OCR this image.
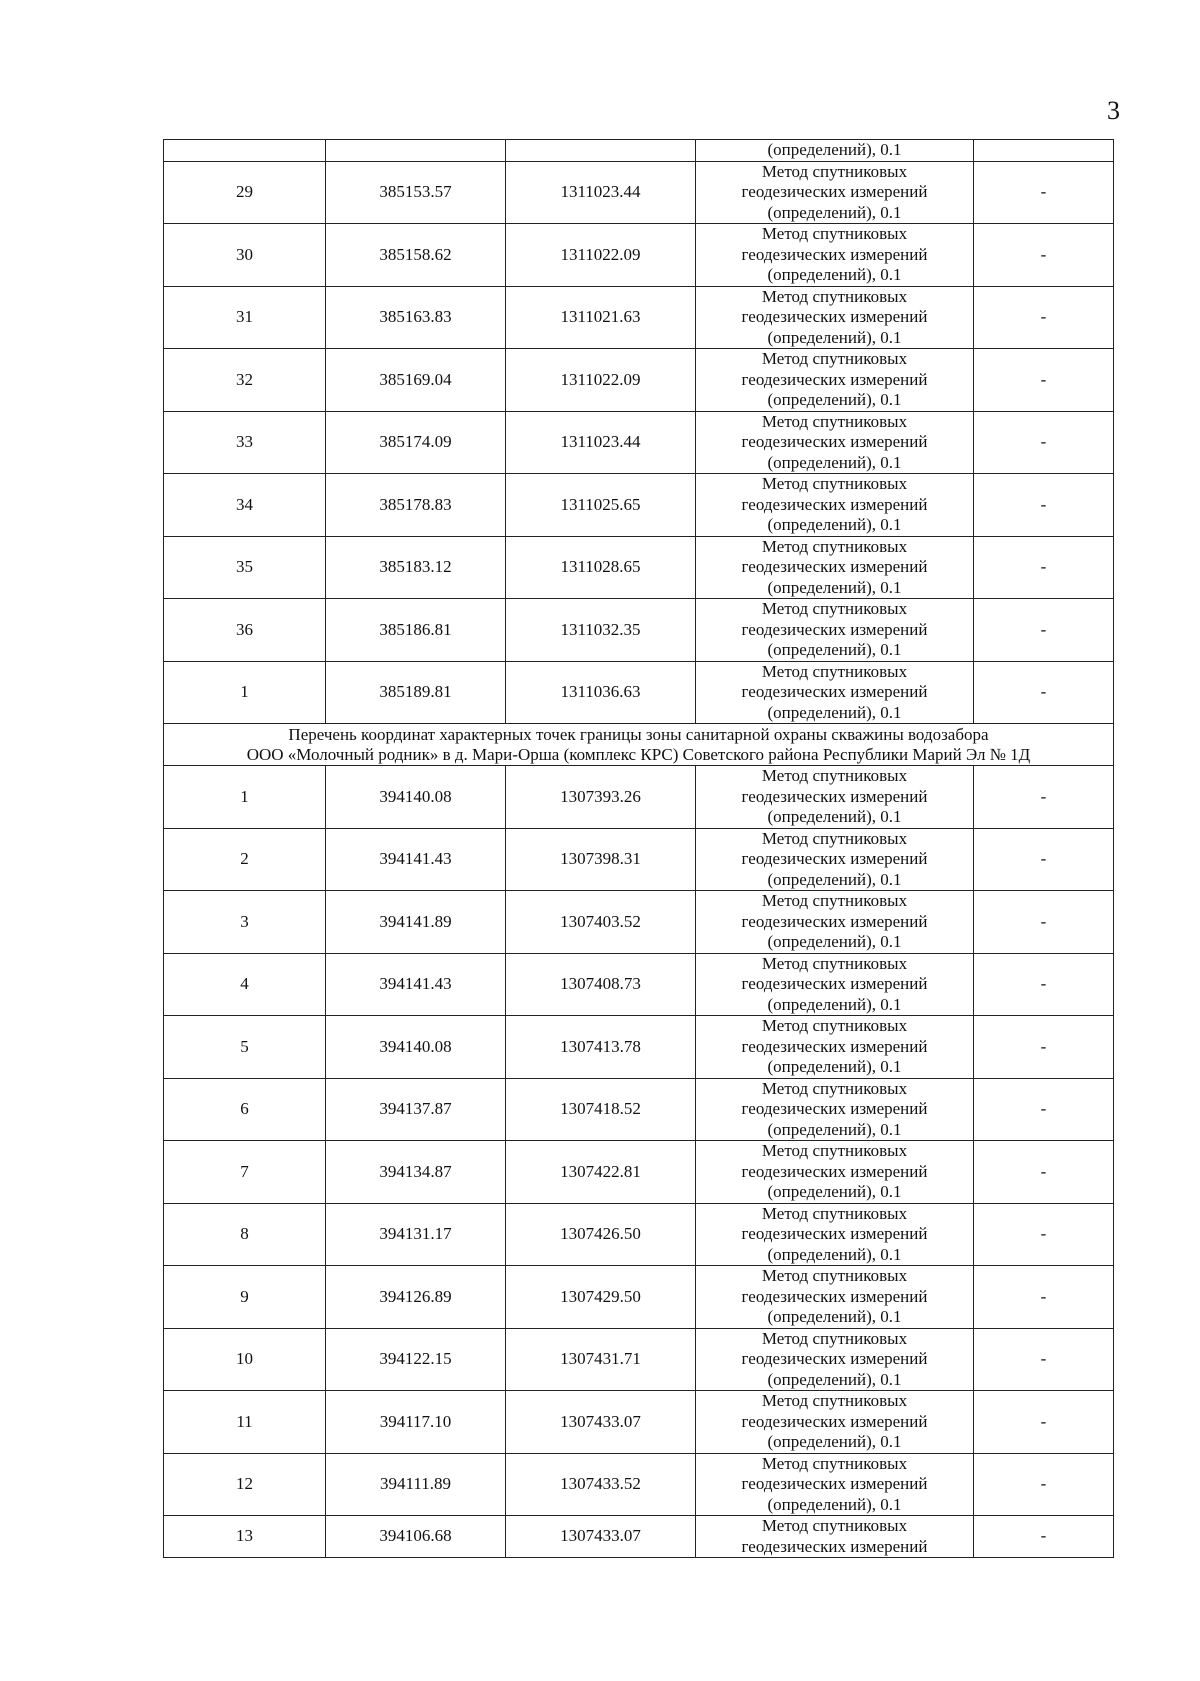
3
			(определений), 0.1	
29	385153.57	1311023.44	Метод спутниковых
геодезических измерений
(определений), 0.1	-
30	385158.62	1311022.09	Метод спутниковых
геодезических измерений
(определений), 0.1	-
31	385163.83	1311021.63	Метод спутниковых
геодезических измерений
(определений), 0.1	-
32	385169.04	1311022.09	Метод спутниковых
геодезических измерений
(определений), 0.1	-
33	385174.09	1311023.44	Метод спутниковых
геодезических измерений
(определений), 0.1	-
34	385178.83	1311025.65	Метод спутниковых
геодезических измерений
(определений), 0.1	-
35	385183.12	1311028.65	Метод спутниковых
геодезических измерений
(определений), 0.1	-
36	385186.81	1311032.35	Метод спутниковых
геодезических измерений
(определений), 0.1	-
1	385189.81	1311036.63	Метод спутниковых
геодезических измерений
(определений), 0.1	-

Перечень координат характерных точек границы зоны санитарной охраны скважины водозабора
ООО «Молочный родник» в д. Мари-Орша (комплекс КРС) Советского района Республики Марий Эл № 1Д				

1	394140.08	1307393.26	Метод спутниковых
геодезических измерений
(определений), 0.1	-
2	394141.43	1307398.31	Метод спутниковых
геодезических измерений
(определений), 0.1	-
3	394141.89	1307403.52	Метод спутниковых
геодезических измерений
(определений), 0.1	-
4	394141.43	1307408.73	Метод спутниковых
геодезических измерений
(определений), 0.1	-
5	394140.08	1307413.78	Метод спутниковых
геодезических измерений
(определений), 0.1	-
6	394137.87	1307418.52	Метод спутниковых
геодезических измерений
(определений), 0.1	-
7	394134.87	1307422.81	Метод спутниковых
геодезических измерений
(определений), 0.1	-
8	394131.17	1307426.50	Метод спутниковых
геодезических измерений
(определений), 0.1	-
9	394126.89	1307429.50	Метод спутниковых
геодезических измерений
(определений), 0.1	-
10	394122.15	1307431.71	Метод спутниковых
геодезических измерений
(определений), 0.1	-
11	394117.10	1307433.07	Метод спутниковых
геодезических измерений
(определений), 0.1	-
12	394111.89	1307433.52	Метод спутниковых
геодезических измерений
(определений), 0.1	-
13	394106.68	1307433.07	Метод спутниковых
геодезических измерений	-
